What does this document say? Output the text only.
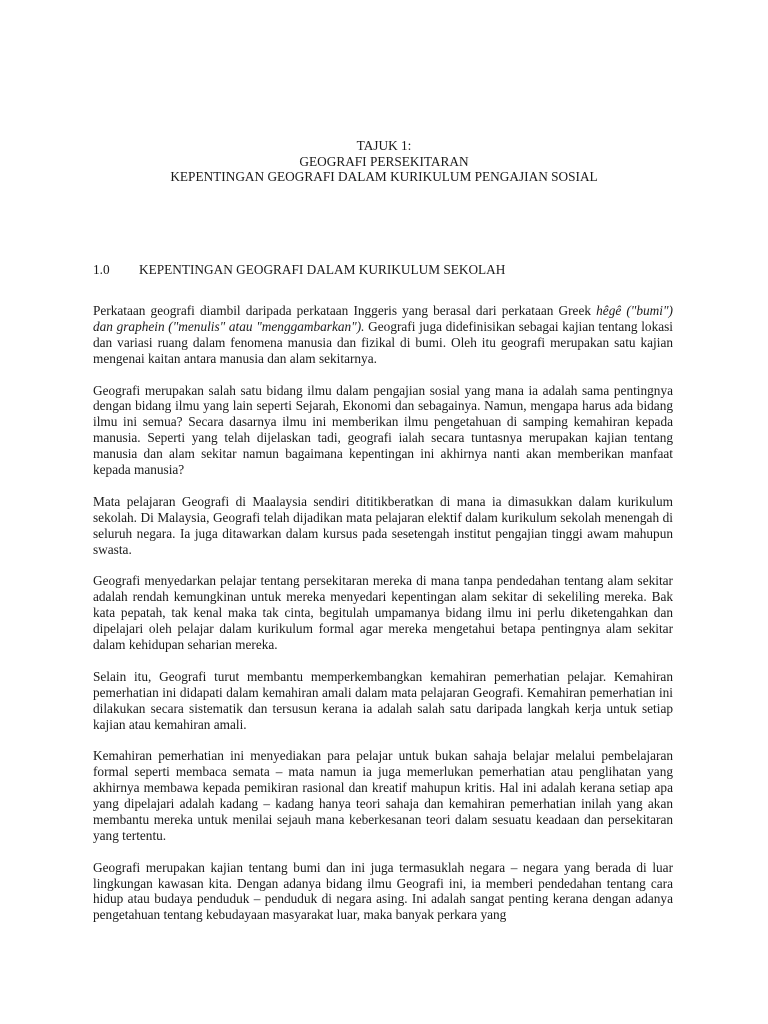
TAJUK 1:
GEOGRAFI PERSEKITARAN
KEPENTINGAN GEOGRAFI DALAM KURIKULUM PENGAJIAN SOSIAL
1.0 KEPENTINGAN GEOGRAFI DALAM KURIKULUM SEKOLAH

Perkataan geografi diambil daripada perkataan Inggeris yang berasal dari perkataan Greek hêgê ("bumi") dan graphein ("menulis" atau "menggambarkan"). Geografi juga didefinisikan sebagai kajian tentang lokasi dan variasi ruang dalam fenomena manusia dan fizikal di bumi. Oleh itu geografi merupakan satu kajian mengenai kaitan antara manusia dan alam sekitarnya.

Geografi merupakan salah satu bidang ilmu dalam pengajian sosial yang mana ia adalah sama pentingnya dengan bidang ilmu yang lain seperti Sejarah, Ekonomi dan sebagainya. Namun, mengapa harus ada bidang ilmu ini semua? Secara dasarnya ilmu ini memberikan ilmu pengetahuan di samping kemahiran kepada manusia. Seperti yang telah dijelaskan tadi, geografi ialah secara tuntasnya merupakan kajian tentang manusia dan alam sekitar namun bagaimana kepentingan ini akhirnya nanti akan memberikan manfaat kepada manusia?

Mata pelajaran Geografi di Maalaysia sendiri dititikberatkan di mana ia dimasukkan dalam kurikulum sekolah. Di Malaysia, Geografi telah dijadikan mata pelajaran elektif dalam kurikulum sekolah menengah di seluruh negara. Ia juga ditawarkan dalam kursus pada sesetengah institut pengajian tinggi awam mahupun swasta.

Geografi menyedarkan pelajar tentang persekitaran mereka di mana tanpa pendedahan tentang alam sekitar adalah rendah kemungkinan untuk mereka menyedari kepentingan alam sekitar di sekeliling mereka. Bak kata pepatah, tak kenal maka tak cinta, begitulah umpamanya bidang ilmu ini perlu diketengahkan dan dipelajari oleh pelajar dalam kurikulum formal agar mereka mengetahui betapa pentingnya alam sekitar dalam kehidupan seharian mereka.

Selain itu, Geografi turut membantu memperkembangkan kemahiran pemerhatian pelajar. Kemahiran pemerhatian ini didapati dalam kemahiran amali dalam mata pelajaran Geografi. Kemahiran pemerhatian ini dilakukan secara sistematik dan tersusun kerana ia adalah salah satu daripada langkah kerja untuk setiap kajian atau kemahiran amali.

Kemahiran pemerhatian ini menyediakan para pelajar untuk bukan sahaja belajar melalui pembelajaran formal seperti membaca semata – mata namun ia juga memerlukan pemerhatian atau penglihatan yang akhirnya membawa kepada pemikiran rasional dan kreatif mahupun kritis. Hal ini adalah kerana setiap apa yang dipelajari adalah kadang – kadang hanya teori sahaja dan kemahiran pemerhatian inilah yang akan membantu mereka untuk menilai sejauh mana keberkesanan teori dalam sesuatu keadaan dan persekitaran yang tertentu.

Geografi merupakan kajian tentang bumi dan ini juga termasuklah negara – negara yang berada di luar lingkungan kawasan kita. Dengan adanya bidang ilmu Geografi ini, ia memberi pendedahan tentang cara hidup atau budaya penduduk – penduduk di negara asing. Ini adalah sangat penting kerana dengan adanya pengetahuan tentang kebudayaan masyarakat luar, maka banyak perkara yang
